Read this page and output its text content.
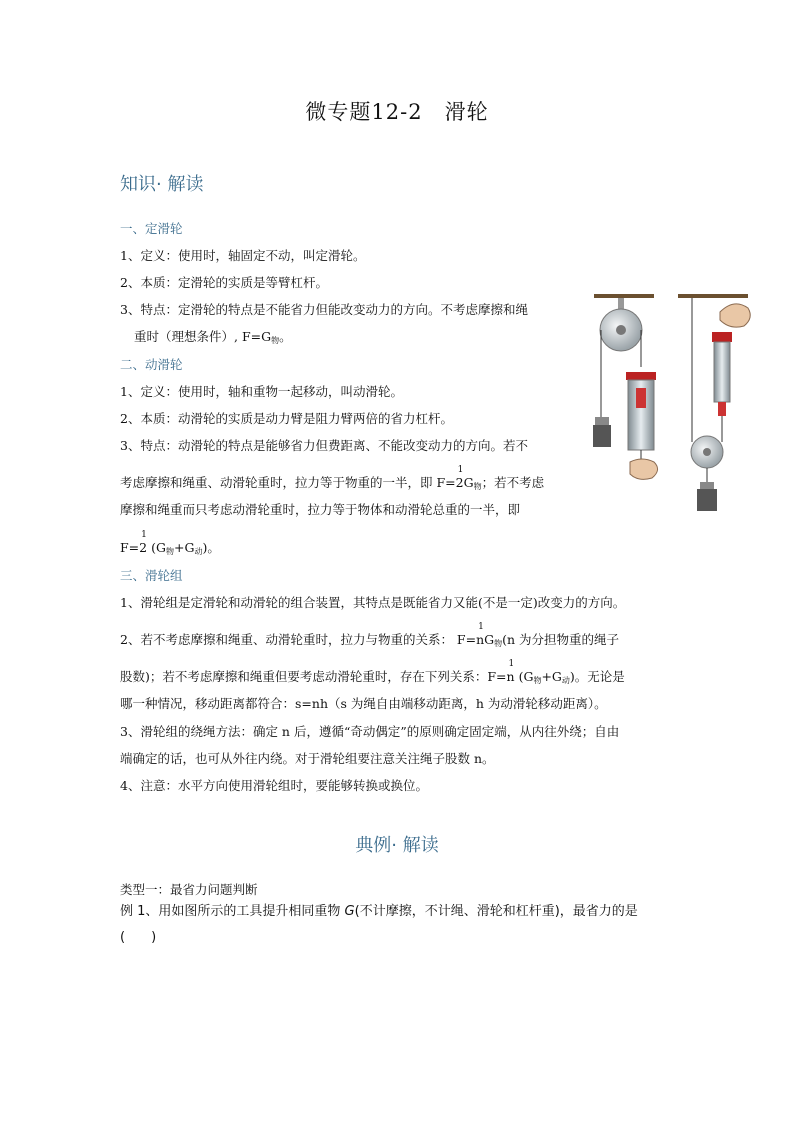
微专题12-2　滑轮
知识· 解读
一、定滑轮
1、定义：使用时，轴固定不动，叫定滑轮。
2、本质：定滑轮的实质是等臂杠杆。
3、特点：定滑轮的特点是不能省力但能改变动力的方向。不考虑摩擦和绳
重时（理想条件）, $F=G_物$。
二、动滑轮
1、定义：使用时，轴和重物一起移动，叫动滑轮。
2、本质：动滑轮的实质是动力臂是阻力臂两倍的省力杠杆。
3、特点：动滑轮的特点是能够省力但费距离、不能改变动力的方向。若不
考虑摩擦和绳重、动滑轮重时，拉力等于物重的一半，即 F=
1
$2G_物$；若不考虑
摩擦和绳重而只考虑动滑轮重时，拉力等于物体和动滑轮总重的一半，即
F=
1
2 $(G_物+G_动)$。
三、滑轮组
1、滑轮组是定滑轮和动滑轮的组合装置，其特点是既能省力又能(不是一定)改变力的方向。
2、若不考虑摩擦和绳重、动滑轮重时，拉力与物重的关系： F=
1
$nG_物(n$ 为分担物重的绳子
股数)；若不考虑摩擦和绳重但要考虑动滑轮重时，存在下列关系：F=
1
n $(G_物+G_动)$。无论是
哪一种情况，移动距离都符合：s=nh（s 为绳自由端移动距离，h 为动滑轮移动距离）。
3、滑轮组的绕绳方法：确定 n 后，遵循“奇动偶定”的原则确定固定端，从内往外绕；自由
端确定的话，也可从外往内绕。对于滑轮组要注意关注绳子股数 n。
4、注意：水平方向使用滑轮组时，要能够转换或换位。
典例· 解读
类型一：最省力问题判断
例 1、用如图所示的工具提升相同重物 G(不计摩擦，不计绳、滑轮和杠杆重)，最省力的是
(　　)
